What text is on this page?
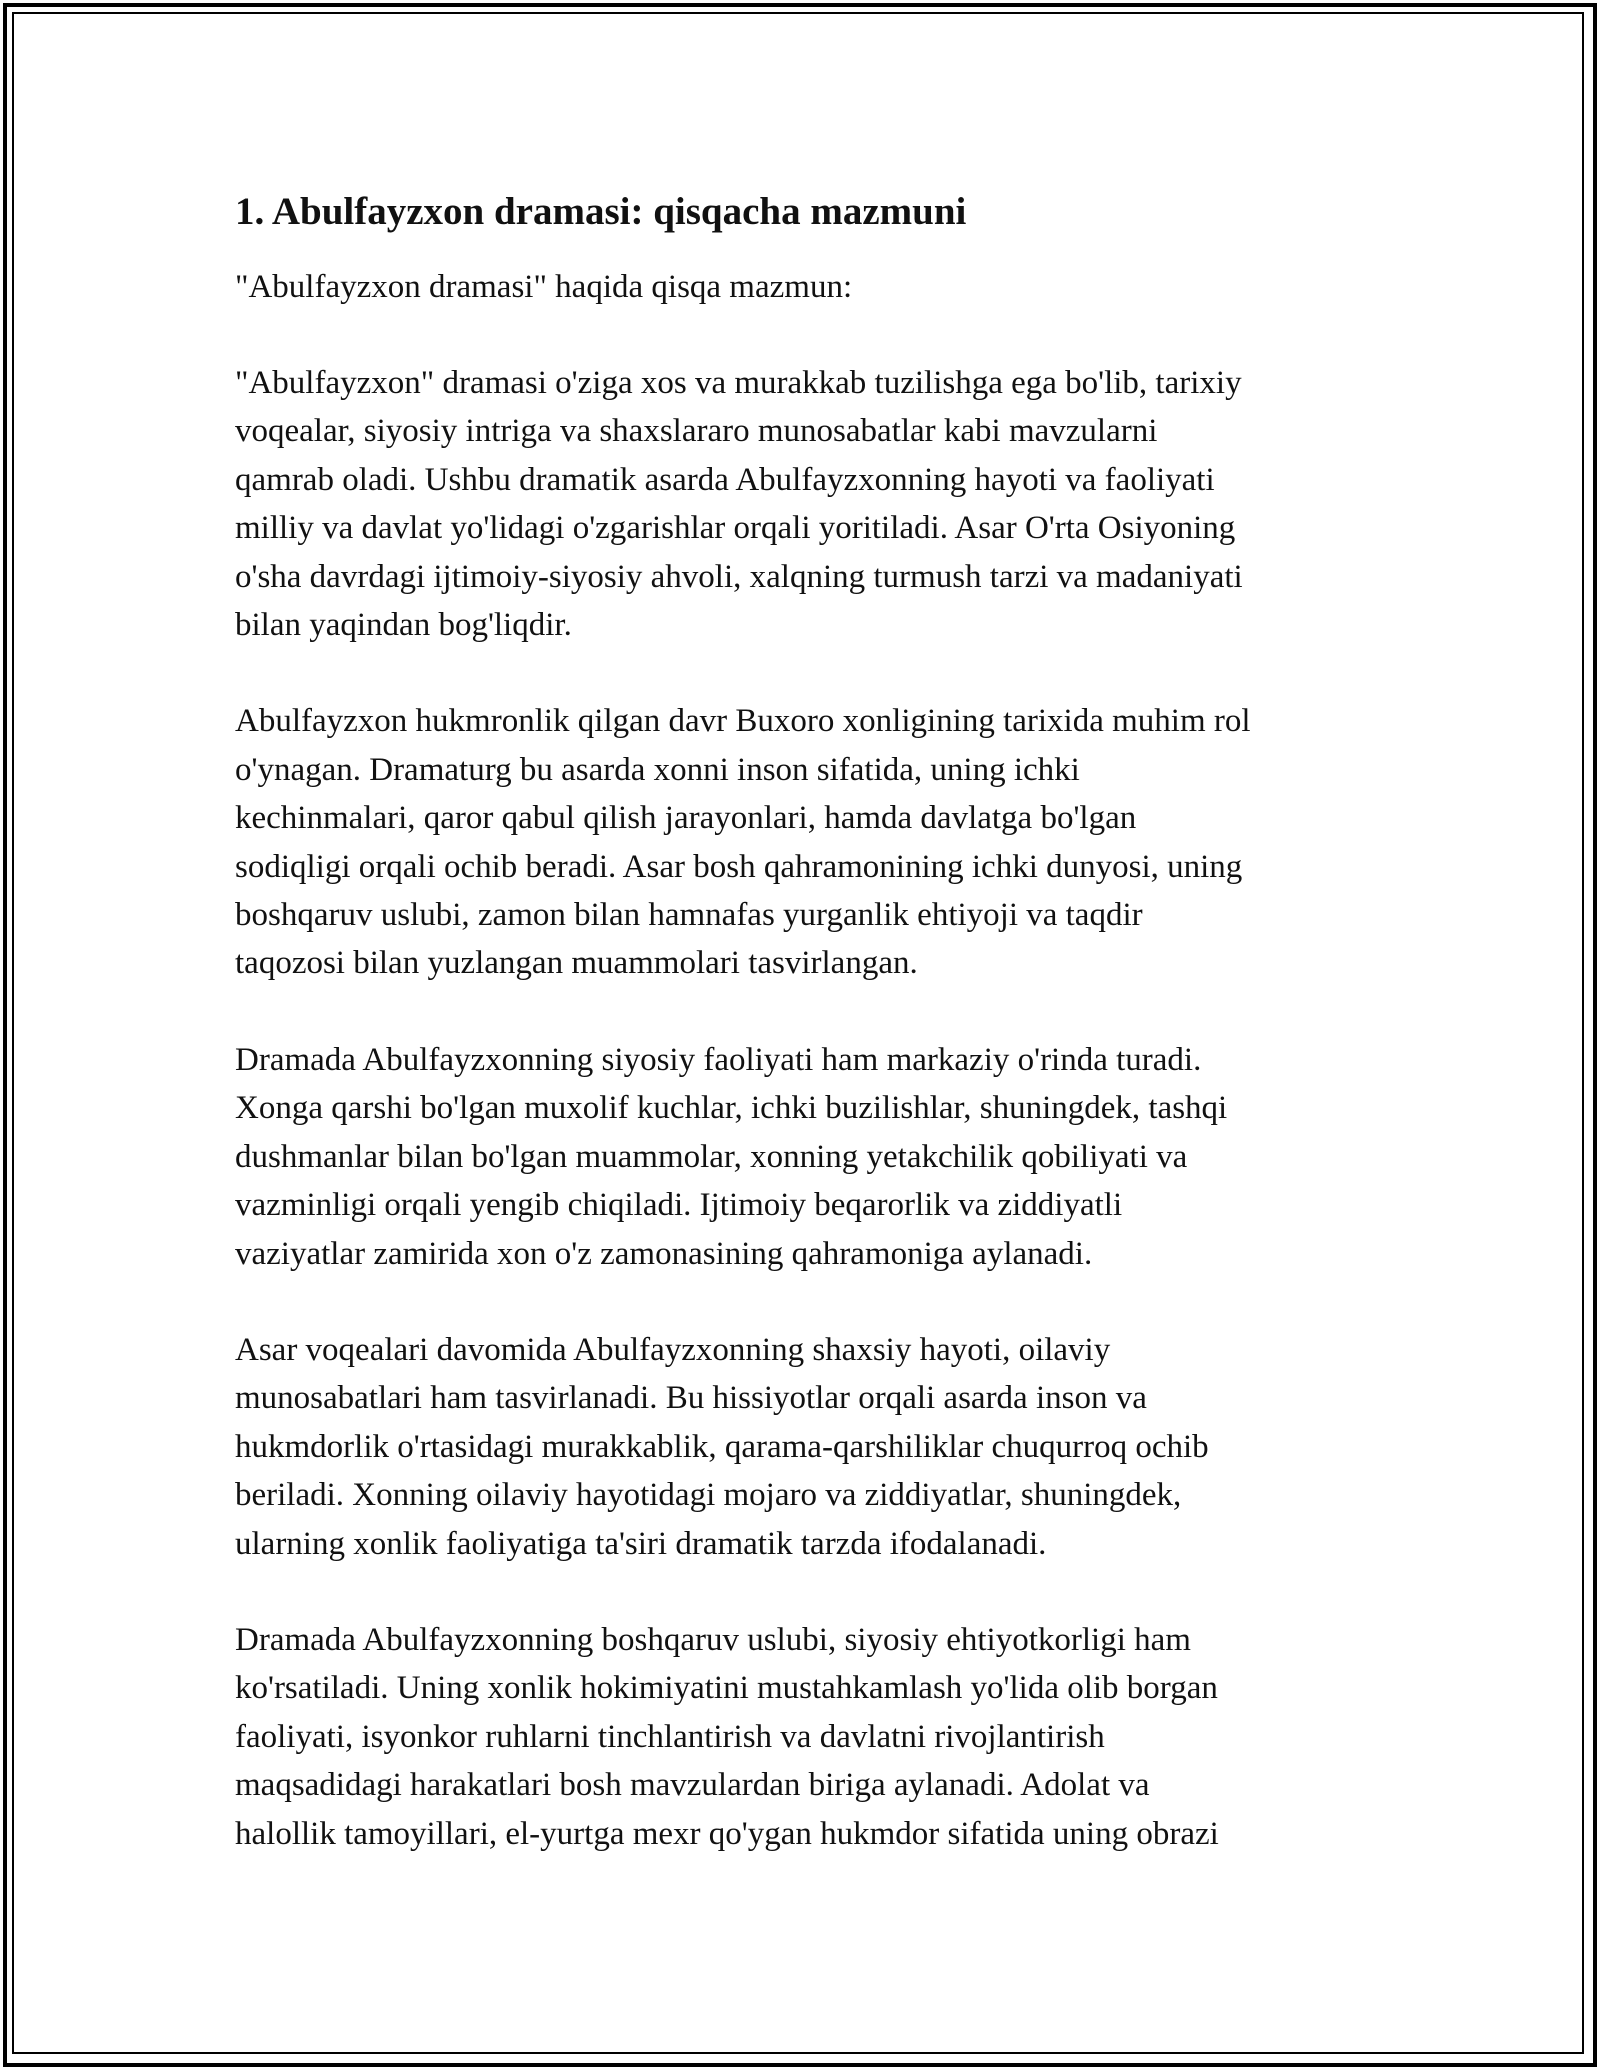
1. Abulfayzxon dramasi: qisqacha mazmuni

"Abulfayzxon dramasi" haqida qisqa mazmun:

"Abulfayzxon" dramasi o'ziga xos va murakkab tuzilishga ega bo'lib, tarixiy
voqealar, siyosiy intriga va shaxslararo munosabatlar kabi mavzularni
qamrab oladi. Ushbu dramatik asarda Abulfayzxonning hayoti va faoliyati
milliy va davlat yo'lidagi o'zgarishlar orqali yoritiladi. Asar O'rta Osiyoning
o'sha davrdagi ijtimoiy-siyosiy ahvoli, xalqning turmush tarzi va madaniyati
bilan yaqindan bog'liqdir.

Abulfayzxon hukmronlik qilgan davr Buxoro xonligining tarixida muhim rol
o'ynagan. Dramaturg bu asarda xonni inson sifatida, uning ichki
kechinmalari, qaror qabul qilish jarayonlari, hamda davlatga bo'lgan
sodiqligi orqali ochib beradi. Asar bosh qahramonining ichki dunyosi, uning
boshqaruv uslubi, zamon bilan hamnafas yurganlik ehtiyoji va taqdir
taqozosi bilan yuzlangan muammolari tasvirlangan.

Dramada Abulfayzxonning siyosiy faoliyati ham markaziy o'rinda turadi.
Xonga qarshi bo'lgan muxolif kuchlar, ichki buzilishlar, shuningdek, tashqi
dushmanlar bilan bo'lgan muammolar, xonning yetakchilik qobiliyati va
vazminligi orqali yengib chiqiladi. Ijtimoiy beqarorlik va ziddiyatli
vaziyatlar zamirida xon o'z zamonasining qahramoniga aylanadi.

Asar voqealari davomida Abulfayzxonning shaxsiy hayoti, oilaviy
munosabatlari ham tasvirlanadi. Bu hissiyotlar orqali asarda inson va
hukmdorlik o'rtasidagi murakkablik, qarama-qarshiliklar chuqurroq ochib
beriladi. Xonning oilaviy hayotidagi mojaro va ziddiyatlar, shuningdek,
ularning xonlik faoliyatiga ta'siri dramatik tarzda ifodalanadi.

Dramada Abulfayzxonning boshqaruv uslubi, siyosiy ehtiyotkorligi ham
ko'rsatiladi. Uning xonlik hokimiyatini mustahkamlash yo'lida olib borgan
faoliyati, isyonkor ruhlarni tinchlantirish va davlatni rivojlantirish
maqsadidagi harakatlari bosh mavzulardan biriga aylanadi. Adolat va
halollik tamoyillari, el-yurtga mexr qo'ygan hukmdor sifatida uning obrazi
